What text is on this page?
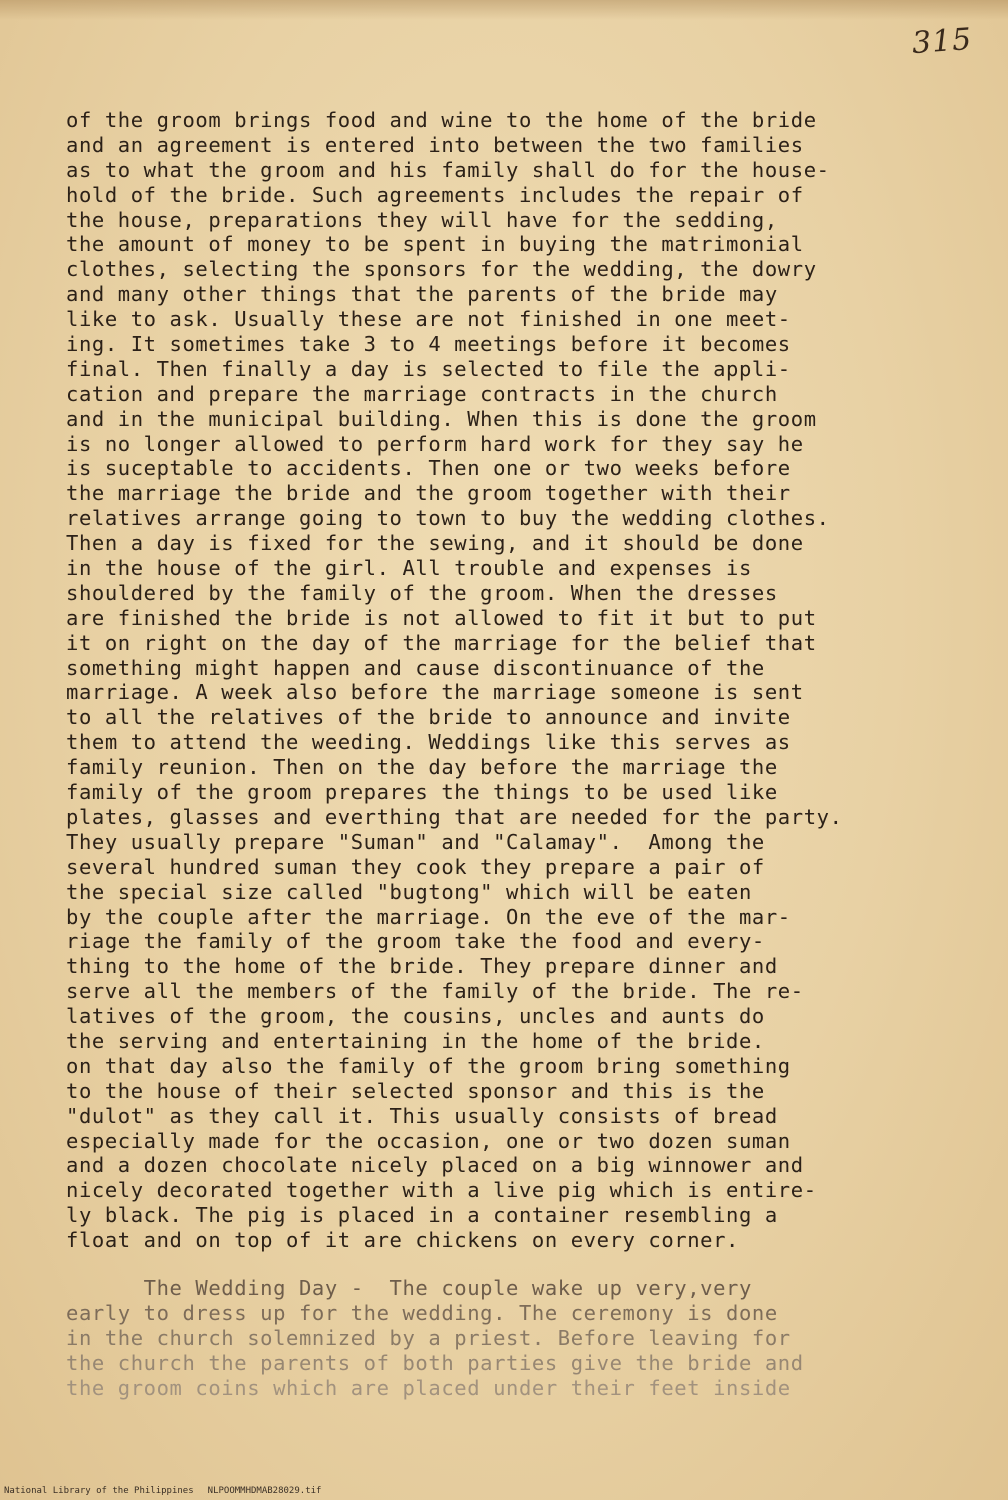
315
of the groom brings food and wine to the home of the bride
and an agreement is entered into between the two families
as to what the groom and his family shall do for the house-
hold of the bride. Such agreements includes the repair of
the house, preparations they will have for the sedding,
the amount of money to be spent in buying the matrimonial
clothes, selecting the sponsors for the wedding, the dowry
and many other things that the parents of the bride may
like to ask. Usually these are not finished in one meet-
ing. It sometimes take 3 to 4 meetings before it becomes
final. Then finally a day is selected to file the appli-
cation and prepare the marriage contracts in the church
and in the municipal building. When this is done the groom
is no longer allowed to perform hard work for they say he
is suceptable to accidents. Then one or two weeks before
the marriage the bride and the groom together with their
relatives arrange going to town to buy the wedding clothes.
Then a day is fixed for the sewing, and it should be done
in the house of the girl. All trouble and expenses is
shouldered by the family of the groom. When the dresses
are finished the bride is not allowed to fit it but to put
it on right on the day of the marriage for the belief that
something might happen and cause discontinuance of the
marriage. A week also before the marriage someone is sent
to all the relatives of the bride to announce and invite
them to attend the weeding. Weddings like this serves as
family reunion. Then on the day before the marriage the
family of the groom prepares the things to be used like
plates, glasses and everthing that are needed for the party.
They usually prepare "Suman" and "Calamay".  Among the
several hundred suman they cook they prepare a pair of
the special size called "bugtong" which will be eaten
by the couple after the marriage. On the eve of the mar-
riage the family of the groom take the food and every-
thing to the home of the bride. They prepare dinner and
serve all the members of the family of the bride. The re-
latives of the groom, the cousins, uncles and aunts do
the serving and entertaining in the home of the bride.
on that day also the family of the groom bring something
to the house of their selected sponsor and this is the
"dulot" as they call it. This usually consists of bread
especially made for the occasion, one or two dozen suman
and a dozen chocolate nicely placed on a big winnower and
nicely decorated together with a live pig which is entire-
ly black. The pig is placed in a container resembling a
float and on top of it are chickens on every corner.
The Wedding Day -  The couple wake up very,very
early to dress up for the wedding. The ceremony is done
in the church solemnized by a priest. Before leaving for
the church the parents of both parties give the bride and
the groom coins which are placed under their feet inside
National Library of the Philippines NLPOOMMHDMAB28029.tif
